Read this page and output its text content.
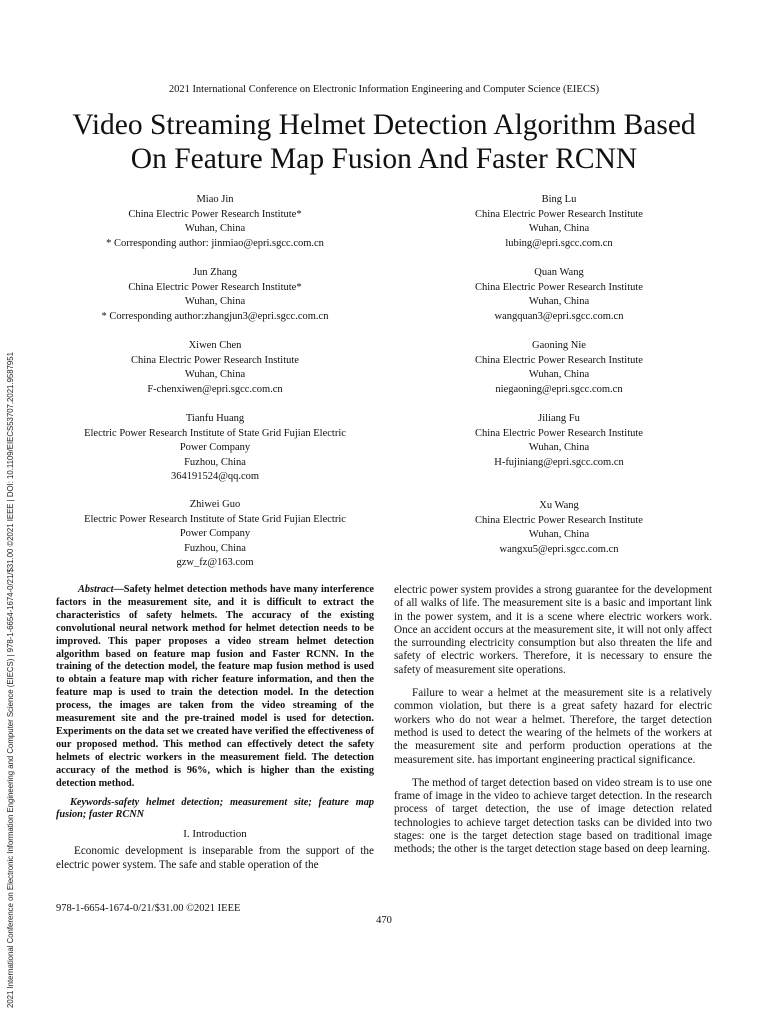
2021 International Conference on Electronic Information Engineering and Computer Science (EIECS) | 978-1-6654-1674-0/21/$31.00 ©2021 IEEE | DOI: 10.1109/EIECS53707.2021.9587951
2021 International Conference on Electronic Information Engineering and Computer Science (EIECS)
Video Streaming Helmet Detection Algorithm Based
On Feature Map Fusion And Faster RCNN
Miao Jin
China Electric Power Research Institute*
Wuhan, China
* Corresponding author: jinmiao@epri.sgcc.com.cn
Jun Zhang
China Electric Power Research Institute*
Wuhan, China
* Corresponding author:zhangjun3@epri.sgcc.com.cn
Xiwen Chen
China Electric Power Research Institute
Wuhan, China
F-chenxiwen@epri.sgcc.com.cn
Tianfu Huang
Electric Power Research Institute of State Grid Fujian Electric
Power Company
Fuzhou, China
364191524@qq.com
Zhiwei Guo
Electric Power Research Institute of State Grid Fujian Electric
Power Company
Fuzhou, China
gzw_fz@163.com
Bing Lu
China Electric Power Research Institute
Wuhan, China
lubing@epri.sgcc.com.cn
Quan Wang
China Electric Power Research Institute
Wuhan, China
wangquan3@epri.sgcc.com.cn
Gaoning Nie
China Electric Power Research Institute
Wuhan, China
niegaoning@epri.sgcc.com.cn
Jiliang Fu
China Electric Power Research Institute
Wuhan, China
H-fujiniang@epri.sgcc.com.cn
Xu Wang
China Electric Power Research Institute
Wuhan, China
wangxu5@epri.sgcc.com.cn

Abstract—Safety helmet detection methods have many interference factors in the measurement site, and it is difficult to extract the characteristics of safety helmets. The accuracy of the existing convolutional neural network method for helmet detection needs to be improved. This paper proposes a video stream helmet detection algorithm based on feature map fusion and Faster RCNN. In the training of the detection model, the feature map fusion method is used to obtain a feature map with richer feature information, and then the feature map is used to train the detection model. In the detection process, the images are taken from the video streaming of the measurement site and the pre-trained model is used for detection. Experiments on the data set we created have verified the effectiveness of our proposed method. This method can effectively detect the safety helmets of electric workers in the measurement field. The detection accuracy of the method is 96%, which is higher than the existing detection method.

Keywords-safety helmet detection; measurement site; feature map fusion; faster RCNN

I. Introduction

Economic development is inseparable from the support of the electric power system. The safe and stable operation of the

electric power system provides a strong guarantee for the development of all walks of life. The measurement site is a basic and important link in the power system, and it is a scene where electric workers work. Once an accident occurs at the measurement site, it will not only affect the surrounding electricity consumption but also threaten the life and safety of electric workers. Therefore, it is necessary to ensure the safety of measurement site operations.

Failure to wear a helmet at the measurement site is a relatively common violation, but there is a great safety hazard for electric workers who do not wear a helmet. Therefore, the target detection method is used to detect the wearing of the helmets of the workers at the measurement site and perform production operations at the measurement site. has important engineering practical significance.

The method of target detection based on video stream is to use one frame of image in the video to achieve target detection. In the research process of target detection, the use of image detection related technologies to achieve target detection tasks can be divided into two stages: one is the target detection stage based on traditional image methods; the other is the target detection stage based on deep learning.

978-1-6654-1674-0/21/$31.00 ©2021 IEEE
470
